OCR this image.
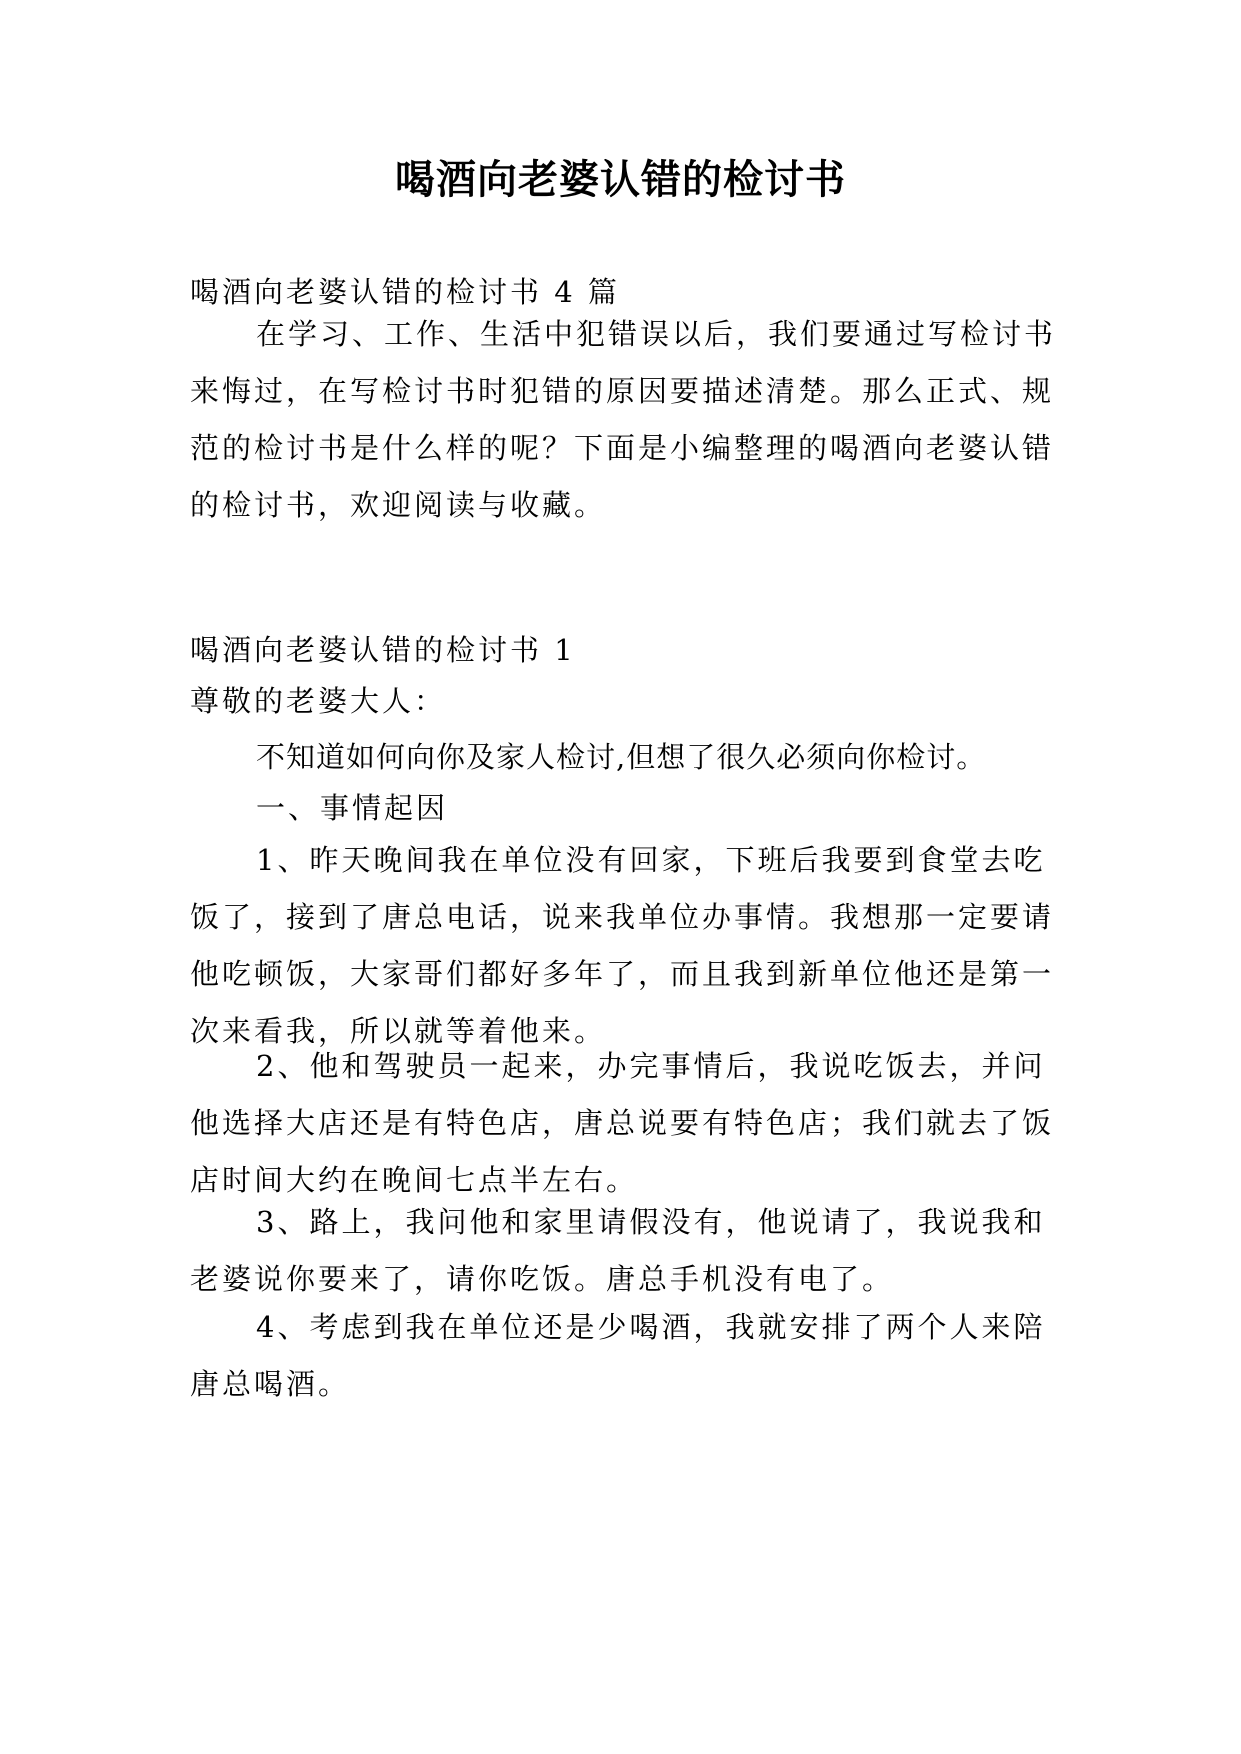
喝酒向老婆认错的检讨书

喝酒向老婆认错的检讨书 4 篇

在学习、工作、生活中犯错误以后，我们要通过写检讨书来悔过，在写检讨书时犯错的原因要描述清楚。那么正式、规范的检讨书是什么样的呢？下面是小编整理的喝酒向老婆认错的检讨书，欢迎阅读与收藏。

喝酒向老婆认错的检讨书 1

尊敬的老婆大人：

不知道如何向你及家人检讨,但想了很久必须向你检讨。

一、事情起因

1、昨天晚间我在单位没有回家，下班后我要到食堂去吃饭了，接到了唐总电话，说来我单位办事情。我想那一定要请他吃顿饭，大家哥们都好多年了，而且我到新单位他还是第一次来看我，所以就等着他来。

2、他和驾驶员一起来，办完事情后，我说吃饭去，并问他选择大店还是有特色店，唐总说要有特色店；我们就去了饭店时间大约在晚间七点半左右。

3、路上，我问他和家里请假没有，他说请了，我说我和老婆说你要来了，请你吃饭。唐总手机没有电了。

4、考虑到我在单位还是少喝酒，我就安排了两个人来陪唐总喝酒。
